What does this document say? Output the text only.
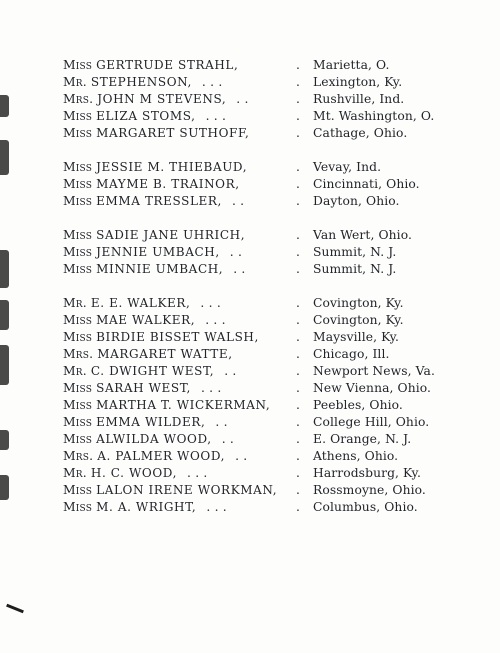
Miss GERTRUDE STRAHL,	. Marietta, O.
Mr. STEPHENSON, . . .	. Lexington, Ky.
Mrs. JOHN M STEVENS, . .	. Rushville, Ind.
Miss ELIZA STOMS, . . .	. Mt. Washington, O.
Miss MARGARET SUTHOFF,	. Cathage, Ohio.
Miss JESSIE M. THIEBAUD,	. Vevay, Ind.
Miss MAYME B. TRAINOR,	. Cincinnati, Ohio.
Miss EMMA TRESSLER, . .	. Dayton, Ohio.
Miss SADIE JANE UHRICH,	. Van Wert, Ohio.
Miss JENNIE UMBACH, . .	. Summit, N. J.
Miss MINNIE UMBACH, . .	. Summit, N. J.
Mr. E. E. WALKER, . . .	. Covington, Ky.
Miss MAE WALKER, . . .	. Covington, Ky.
Miss BIRDIE BISSET WALSH,	. Maysville, Ky.
Mrs. MARGARET WATTE,	. Chicago, Ill.
Mr. C. DWIGHT WEST, . .	. Newport News, Va.
Miss SARAH WEST, . . .	. New Vienna, Ohio.
Miss MARTHA T. WICKERMAN, . Peebles, Ohio.
Miss EMMA WILDER, . .	. College Hill, Ohio.
Miss ALWILDA WOOD, . .	. E. Orange, N. J.
Mrs. A. PALMER WOOD, . .	. Athens, Ohio.
Mr. H. C. WOOD, . . .	. Harrodsburg, Ky.
Miss LALON IRENE WORKMAN, . Rossmoyne, Ohio.
Miss M. A. WRIGHT, . . .	. Columbus, Ohio.
